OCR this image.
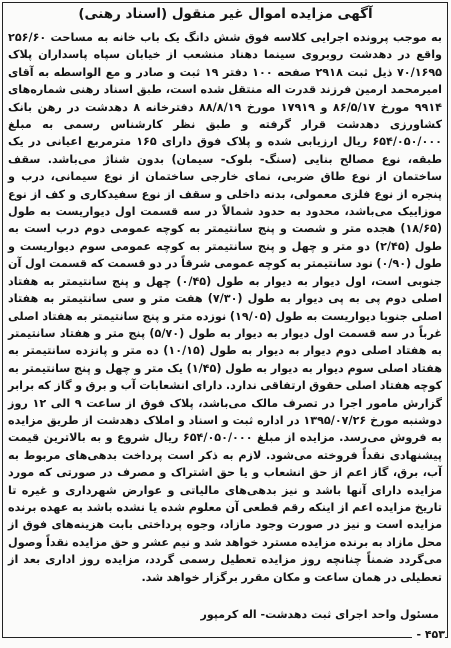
آگهی مزایده اموال غیر منقول (اسناد رهنی)
به موجب پرونده اجرایی کلاسه فوق شش دانگ یک باب خانه به مساحت ۲۵۶/۶۰ واقع در دهدشت روبروی سینما دهناد منشعب از خیابان سپاه پاسداران پلاک ۷۰/۱۶۹۵ ذیل ثبت ۲۹۱۸ صفحه ۱۰۰ دفتر ۱۹ ثبت و صادر و مع الواسطه به آقای امیرمحمد ارمین فرزند قدرت اله منتقل شده است، طبق اسناد رهنی شماره‌های ۹۹۱۴ مورخ ۸۶/۵/۱۷ و ۱۷۹۱۹ مورخ ۸۸/۸/۱۹ دفترخانه ۸ دهدشت در رهن بانک کشاورزی دهدشت قرار گرفته و طبق نظر کارشناس رسمی به مبلغ ۶۵۴/۰۵۰/۰۰۰ ریال ارزیابی شده و پلاک فوق دارای ۱۶۵ مترمربع اعیانی در یک طبقه، نوع مصالح بنایی (سنگ- بلوک- سیمان) بدون شناژ می‌باشد. سقف ساختمان از نوع طاق ضربی، نمای خارجی ساختمان از نوع سیمانی، درب و پنجره از نوع فلزی معمولی، بدنه داخلی و سقف از نوع سفیدکاری و کف از نوع موزاییک می‌باشد، محدود به حدود شمالاً در سه قسمت اول دیواریست به طول (۱۸/۶۵) هجده متر و شصت و پنج سانتیمتر به کوچه عمومی دوم درب است به طول (۲/۴۵) دو متر و چهل و پنج سانتیمتر به کوچه عمومی سوم دیواریست و طول (۰/۹۰) نود سانتیمتر به کوچه عمومی شرقاً در دو قسمت که قسمت اول آن جنوبی است، اول دیوار به دیوار به طول (۰/۴۵) چهل و پنج سانتیمتر به هفتاد اصلی دوم پی به پی دیوار به طول (۷/۳۰) هفت متر و سی سانتیمتر به هفتاد اصلی جنوبا دیواریست به طول (۱۹/۰۵) نوزده متر و پنج سانتیمتر به هفتاد اصلی غرباً در سه قسمت اول دیوار به دیوار به طول (۵/۷۰) پنج متر و هفتاد سانتیمتر به هفتاد اصلی دوم دیوار به دیوار به طول (۱۰/۱۵) ده متر و پانزده سانتیمتر به هفتاد اصلی سوم دیوار به دیوار به طول (۱/۴۵) یک متر و چهل و پنج سانتیمتر به کوچه هفتاد اصلی حقوق ارتفاقی ندارد. دارای انشعابات آب و برق و گاز که برابر گزارش مامور اجرا در تصرف مالک می‌باشد، پلاک فوق از ساعت ۹ الی ۱۲ روز دوشنبه مورخ ۱۳۹۵/۰۷/۲۶ در اداره ثبت و اسناد و املاک دهدشت از طریق مزایده به فروش می‌رسد. مزایده از مبلغ ۶۵۴/۰۵۰/۰۰۰ ریال شروع و به بالاترین قیمت پیشنهادی نقداً فروخته می‌شود. لازم به ذکر است پرداخت بدهی‌های مربوط به آب، برق، گاز اعم از حق انشعاب و یا حق اشتراک و مصرف در صورتی که مورد مزایده دارای آنها باشد و نیز بدهی‌های مالیاتی و عوارض شهرداری و غیره تا تاریخ مزایده اعم از اینکه رقم قطعی آن معلوم شده یا نشده باشد به عهده برنده مزایده است و نیز در صورت وجود مازاد، وجوه پرداختی بابت هزینه‌های فوق از محل مازاد به برنده مزایده مسترد خواهد شد و نیم عشر و حق مزایده نقداً وصول می‌گردد ضمناً چنانچه روز مزایده تعطیل رسمی گردد، مزایده روز اداری بعد از تعطیلی در همان ساعت و مکان مقرر برگزار خواهد شد.
مسئول واحد اجرای ثبت دهدشت- اله کرمپور
۴۵۳ -
